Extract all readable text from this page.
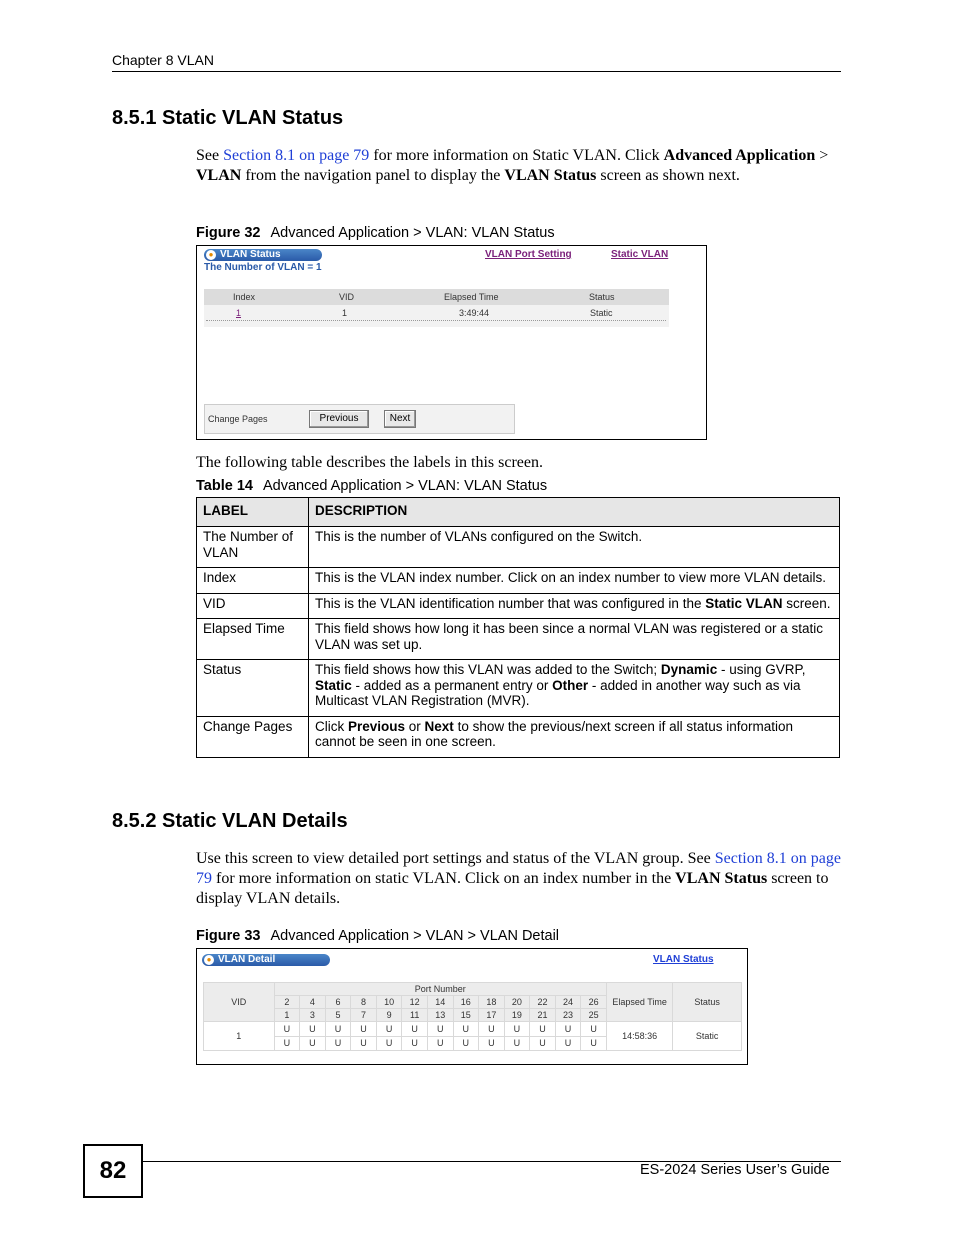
Chapter 8 VLAN
8.5.1 Static VLAN Status
See Section 8.1 on page 79 for more information on Static VLAN. Click Advanced Application > VLAN from the navigation panel to display the VLAN Status screen as shown next.
Figure 32 Advanced Application > VLAN: VLAN Status
● VLAN Status
The Number of VLAN = 1
VLAN Port Setting	Static VLAN
Index	VID	Elapsed Time	Status
1	1	3:49:44	Static
Change Pages	Previous	Next
The following table describes the labels in this screen.
Table 14 Advanced Application > VLAN: VLAN Status
LABEL	DESCRIPTION
The Number of VLAN	This is the number of VLANs configured on the Switch.
Index	This is the VLAN index number. Click on an index number to view more VLAN details.
VID	This is the VLAN identification number that was configured in the Static VLAN screen.
Elapsed Time	This field shows how long it has been since a normal VLAN was registered or a static VLAN was set up.
Status	This field shows how this VLAN was added to the Switch; Dynamic - using GVRP, Static - added as a permanent entry or Other - added in another way such as via Multicast VLAN Registration (MVR).
Change Pages	Click Previous or Next to show the previous/next screen if all status information cannot be seen in one screen.
8.5.2 Static VLAN Details
Use this screen to view detailed port settings and status of the VLAN group. See Section 8.1 on page 79 for more information on static VLAN. Click on an index number in the VLAN Status screen to display VLAN details.
Figure 33 Advanced Application > VLAN > VLAN Detail
● VLAN Detail	VLAN Status
VID	Port Number													Elapsed Time	Status
	2	4	6	8	10	12	14	16	18	20	22	24	26		
	1	3	5	7	9	11	13	15	17	19	21	23	25		
1	U	U	U	U	U	U	U	U	U	U	U	U	U	14:58:36	Static
	U	U	U	U	U	U	U	U	U	U	U	U	U		
82	ES-2024 Series User’s Guide
